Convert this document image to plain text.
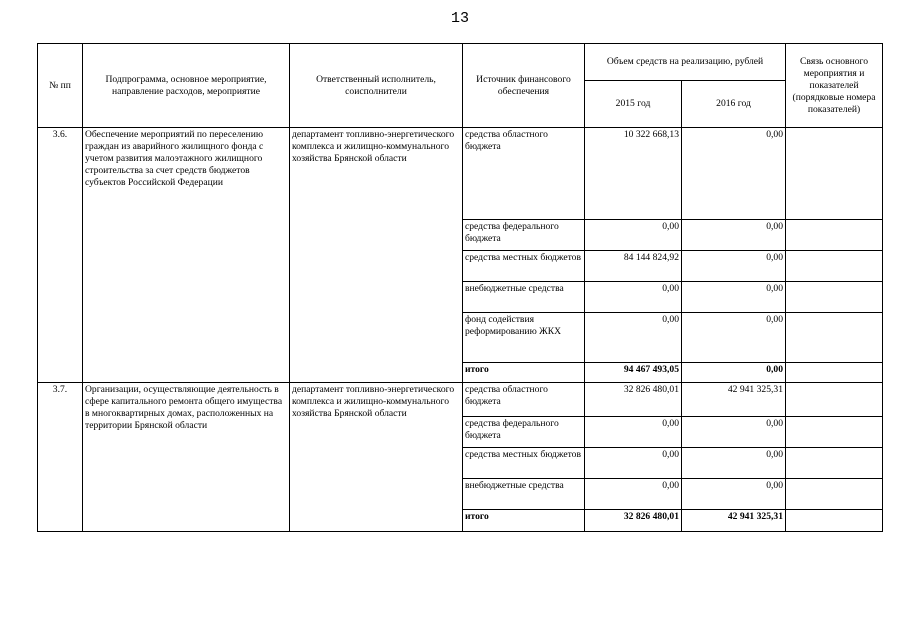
13
№ пп	Подпрограмма, основное мероприятие, направление расходов, мероприятие	Ответственный исполнитель, соисполнители	Источник финансового обеспечения	Объем средств на реализацию, рублей		Связь основного мероприятия и показателей (порядковые номера показателей)
				2015 год	2016 год	
3.6.	Обеспечение мероприятий по переселению граждан из аварийного жилищного фонда с учетом развития малоэтажного жилищного строительства за счет средств бюджетов субъектов Российской Федерации	департамент топливно-энергетического комплекса и жилищно-коммунального хозяйства Брянской области	средства областного бюджета	10 322 668,13	0,00	
			средства федерального бюджета	0,00	0,00	
			средства местных бюджетов	84 144 824,92	0,00	
			внебюджетные средства	0,00	0,00	
			фонд содействия реформированию ЖКХ	0,00	0,00	
			итого	94 467 493,05	0,00	
3.7.	Организации, осуществляющие деятельность в сфере капитального ремонта общего имущества в многоквартирных домах, расположенных на территории Брянской области	департамент топливно-энергетического комплекса и жилищно-коммунального хозяйства Брянской области	средства областного бюджета	32 826 480,01	42 941 325,31	
			средства федерального бюджета	0,00	0,00	
			средства местных бюджетов	0,00	0,00	
			внебюджетные средства	0,00	0,00	
			итого	32 826 480,01	42 941 325,31	
